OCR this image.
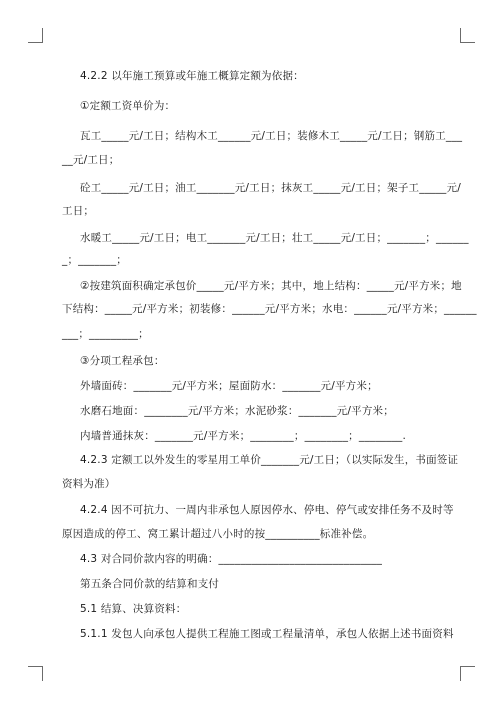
4.2.2 以年施工预算或年施工概算定额为依据：
①定额工资单价为：
瓦工_____元/工日；结构木工______元/工日；装修木工_____元/工日；钢筋工___
__元/工日；
砼工_____元/工日；油工_______元/工日；抹灰工_____元/工日；架子工_____元/
工日；
水暖工_____元/工日；电工_______元/工日；壮工_____元/工日；_______；______
_；_______；
②按建筑面积确定承包价_____元/平方米；其中，地上结构：_____元/平方米；地
下结构：_____元/平方米；初装修：______元/平方米；水电：______元/平方米；______
___；_________；
③分项工程承包：
外墙面砖：_______元/平方米；屋面防水：_______元/平方米；
水磨石地面：________元/平方米；水泥砂浆：_______元/平方米；
内墙普通抹灰：_______元/平方米；________；________；________.
4.2.3 定额工以外发生的零星用工单价_______元/工日；（以实际发生，书面签证
资料为准）
4.2.4 因不可抗力、一周内非承包人原因停水、停电、停气或安排任务不及时等
原因造成的停工、窝工累计超过八小时的按__________标准补偿。
4.3 对合同价款内容的明确：______________________________
第五条合同价款的结算和支付
5.1 结算、决算资料：
5.1.1 发包人向承包人提供工程施工图或工程量清单，承包人依据上述书面资料
